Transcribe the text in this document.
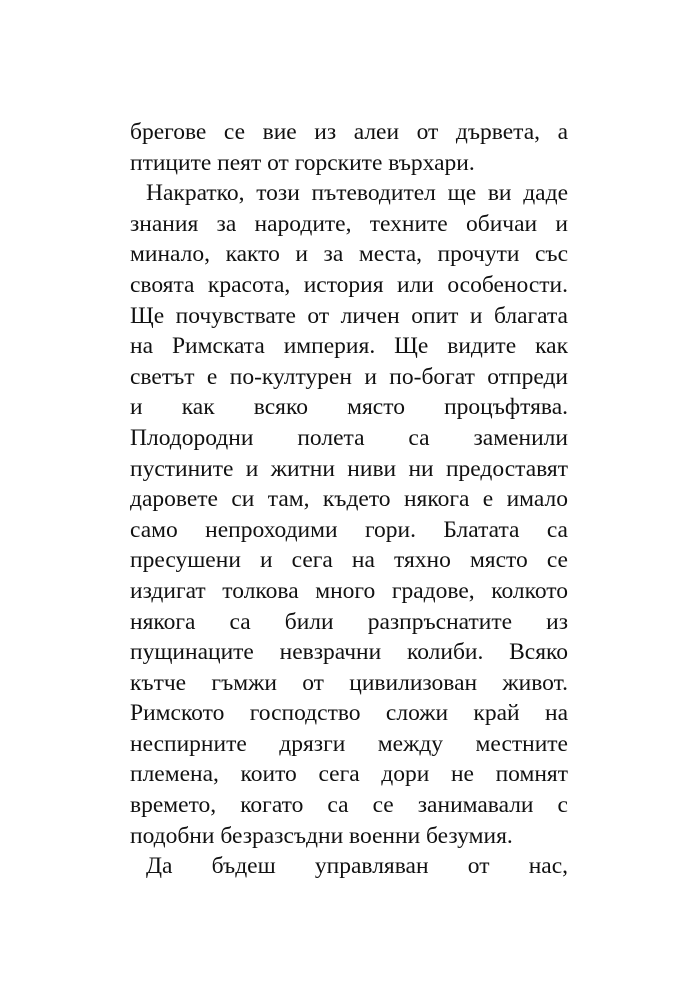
брегове се вие из алеи от дървета, а
птиците пеят от горските върхари.
Накратко, този пътеводител ще ви даде
знания за народите, техните обичаи и
минало, както и за места, прочути със
своята красота, история или особености.
Ще почувствате от личен опит и благата
на Римската империя. Ще видите как
светът е по-културен и по-богат отпреди
и как всяко място процъфтява.
Плодородни полета са заменили
пустините и житни ниви ни предоставят
даровете си там, където някога е имало
само непроходими гори. Блатата са
пресушени и сега на тяхно място се
издигат толкова много градове, колкото
някога са били разпръснатите из
пущинаците невзрачни колиби. Всяко
кътче гъмжи от цивилизован живот.
Римското господство сложи край на
неспирните дрязги между местните
племена, които сега дори не помнят
времето, когато са се занимавали с
подобни безразсъдни военни безумия.
Да бъдеш управляван от нас,
